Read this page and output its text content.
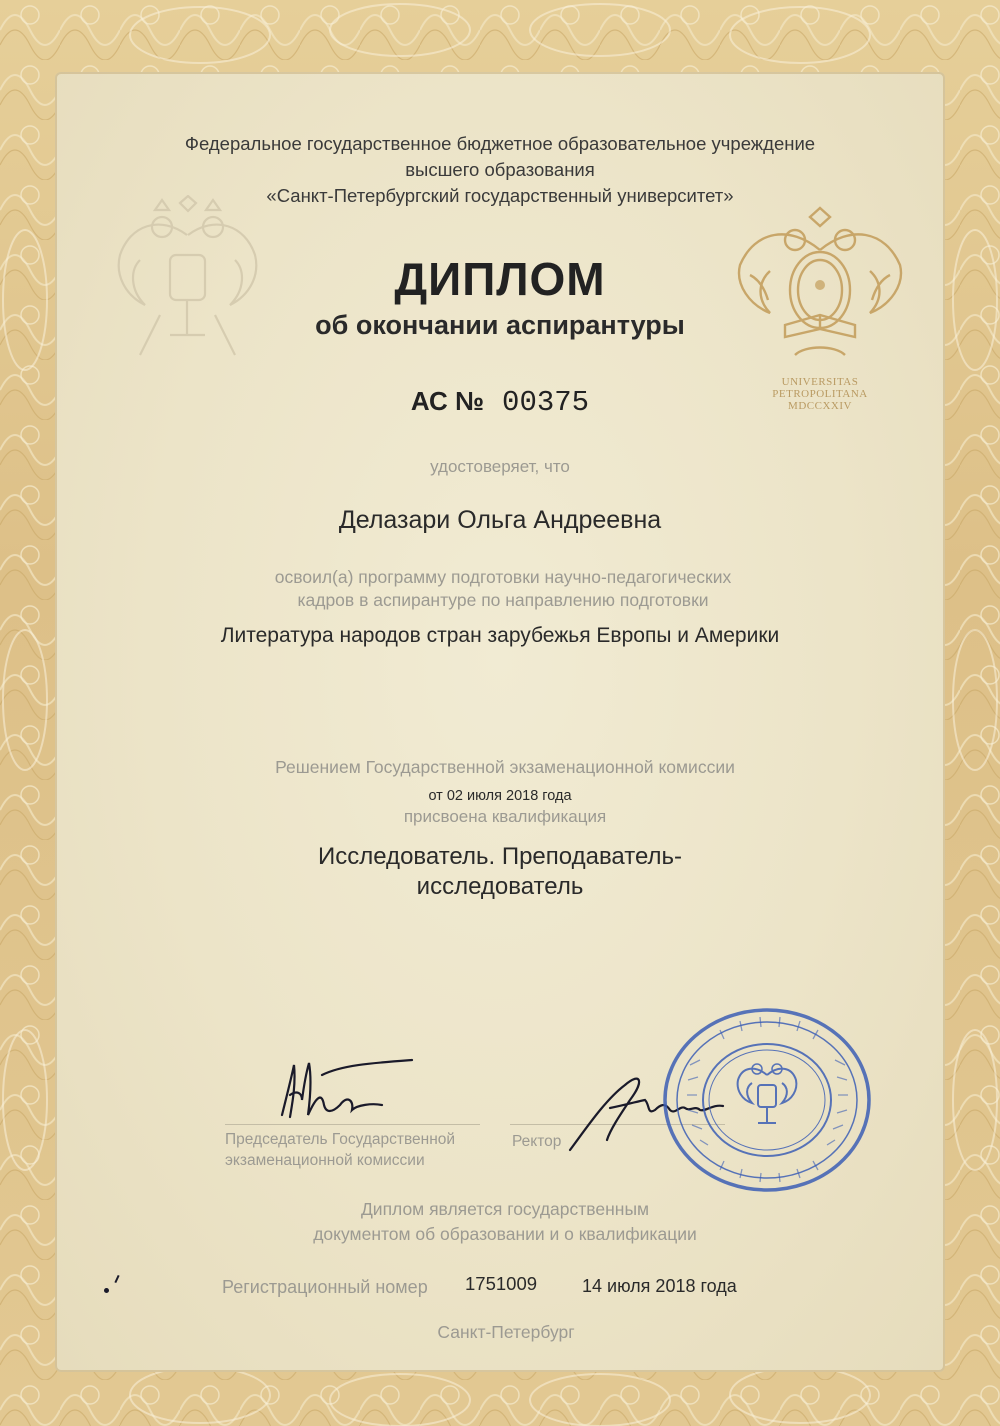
UNIVERSITAS
PETROPOLITANA
MDCCXXIV
Федеральное государственное бюджетное образовательное учреждение
высшего образования
«Санкт-Петербургский государственный университет»
ДИПЛОМ
об окончании аспирантуры
АС № 00375
удостоверяет, что
Делазари Ольга Андреевна
освоил(а) программу подготовки научно-педагогических
кадров в аспирантуре по направлению подготовки
Литература народов стран зарубежья Европы и Америки
Решением Государственной экзаменационной комиссии
от 02 июля 2018 года
присвоена квалификация
Исследователь. Преподаватель-
исследователь
Председатель Государственной
экзаменационной комиссии
Ректор
Диплом является государственным
документом об образовании и о квалификации
Регистрационный номер	1751009	14 июля 2018 года
Санкт-Петербург
